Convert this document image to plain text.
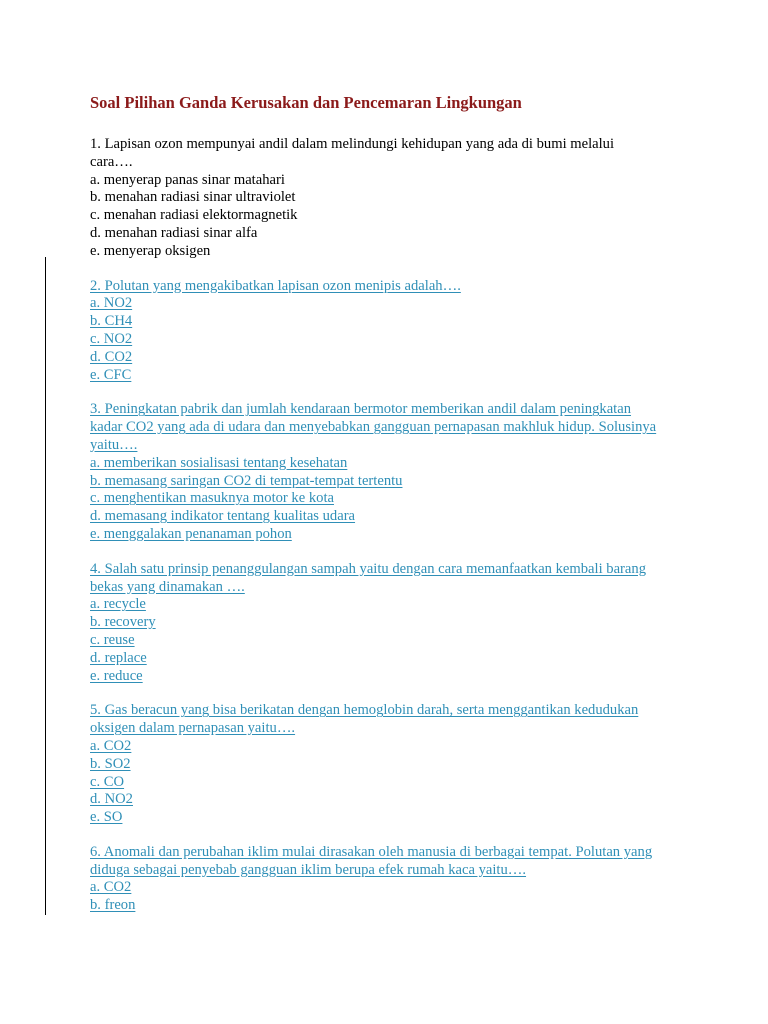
Soal Pilihan Ganda Kerusakan dan Pencemaran Lingkungan

1. Lapisan ozon mempunyai andil dalam melindungi kehidupan yang ada di bumi melalui

cara….

a. menyerap panas sinar matahari

b. menahan radiasi sinar ultraviolet

c. menahan radiasi elektormagnetik

d. menahan radiasi sinar alfa

e. menyerap oksigen

2. Polutan yang mengakibatkan lapisan ozon menipis adalah….

a. NO2

b. CH4

c. NO2

d. CO2

e. CFC

3. Peningkatan pabrik dan jumlah kendaraan bermotor memberikan andil dalam peningkatan

kadar CO2 yang ada di udara dan menyebabkan gangguan pernapasan makhluk hidup. Solusinya

yaitu….

a. memberikan sosialisasi tentang kesehatan

b. memasang saringan CO2 di tempat-tempat tertentu

c. menghentikan masuknya motor ke kota

d. memasang indikator tentang kualitas udara

e. menggalakan penanaman pohon

4. Salah satu prinsip penanggulangan sampah yaitu dengan cara memanfaatkan kembali barang

bekas yang dinamakan ….

a. recycle

b. recovery

c. reuse

d. replace

e. reduce

5. Gas beracun yang bisa berikatan dengan hemoglobin darah, serta menggantikan kedudukan

oksigen dalam pernapasan yaitu….

a. CO2

b. SO2

c. CO

d. NO2

e. SO

6. Anomali dan perubahan iklim mulai dirasakan oleh manusia di berbagai tempat. Polutan yang

diduga sebagai penyebab gangguan iklim berupa efek rumah kaca yaitu….

a. CO2

b. freon
